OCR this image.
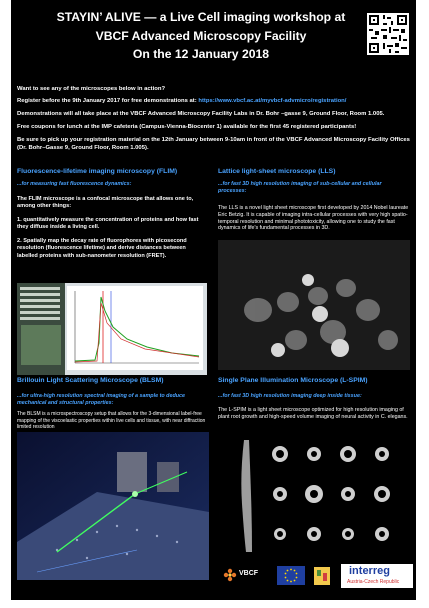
STAYIN’ ALIVE — a Live Cell imaging workshop at
VBCF Advanced Microscopy Facility
On the 12 January 2018
Want to see any of the microscopes below in action?
Register before the 9th January 2017 for free demonstrations at: https://www.vbcf.ac.at/myvbcf-advmicro/registration/
Demonstrations will all take place at the VBCF Advanced Microscopy Facility Labs in Dr. Bohr –gasse 9, Ground Floor, Room 1.005.
Free coupons for lunch at the IMP cafeteria (Campus-Vienna-Biocenter 1) available for the first 45 registered participants!
Be sure to pick up your registration material on the 12th January between 9-10am in front of the VBCF Advanced Microscopy Facility Offices (Dr. Bohr–Gasse 9, Ground Floor, Room 1.005).
Fluorescence-lifetime imaging microscopy (FLIM)
...for measuring fast fluorescence dynamics:
The FLIM microscope is a confocal microscope that allows one to, among other things:
1. quantitatively measure the concentration of proteins and how fast they diffuse inside a living cell.
2. Spatially map the decay rate of fluorophores with picosecond resolution (fluorescence lifetime) and derive distances between labelled proteins with sub-nanometer resolution (FRET).
Lattice light-sheet microscope (LLS)
...for fast 3D high resolution imaging of sub-cellular and cellular processes:
The LLS is a novel light sheet microscope first developed by 2014 Nobel laureate Eric Betzig. It is capable of imaging intra-cellular processes with very high spatio-temporal resolution and minimal phototoxicity, allowing one to study the fast dynamics of life's fundamental processes in 3D.
Brillouin Light Scattering Microscope (BLSM)
...for ultra-high resolution spectral imaging of a sample to deduce mechanical and structural properties:
The BLSM is a microspectroscopy setup that allows for the 3-dimensional label-free mapping of the viscoelastic properties within live cells and tissue, with near diffraction limited resolution
Single Plane Illumination Microscope (L-SPIM)
...for fast 3D high resolution imaging deep inside tissue:
The L-SPIM is a light sheet microscope optimized for high resolution imaging of plant root growth and high-speed volume imaging of neural activity in C. elegans.
VBCF	interreg
Austria-Czech Republic
